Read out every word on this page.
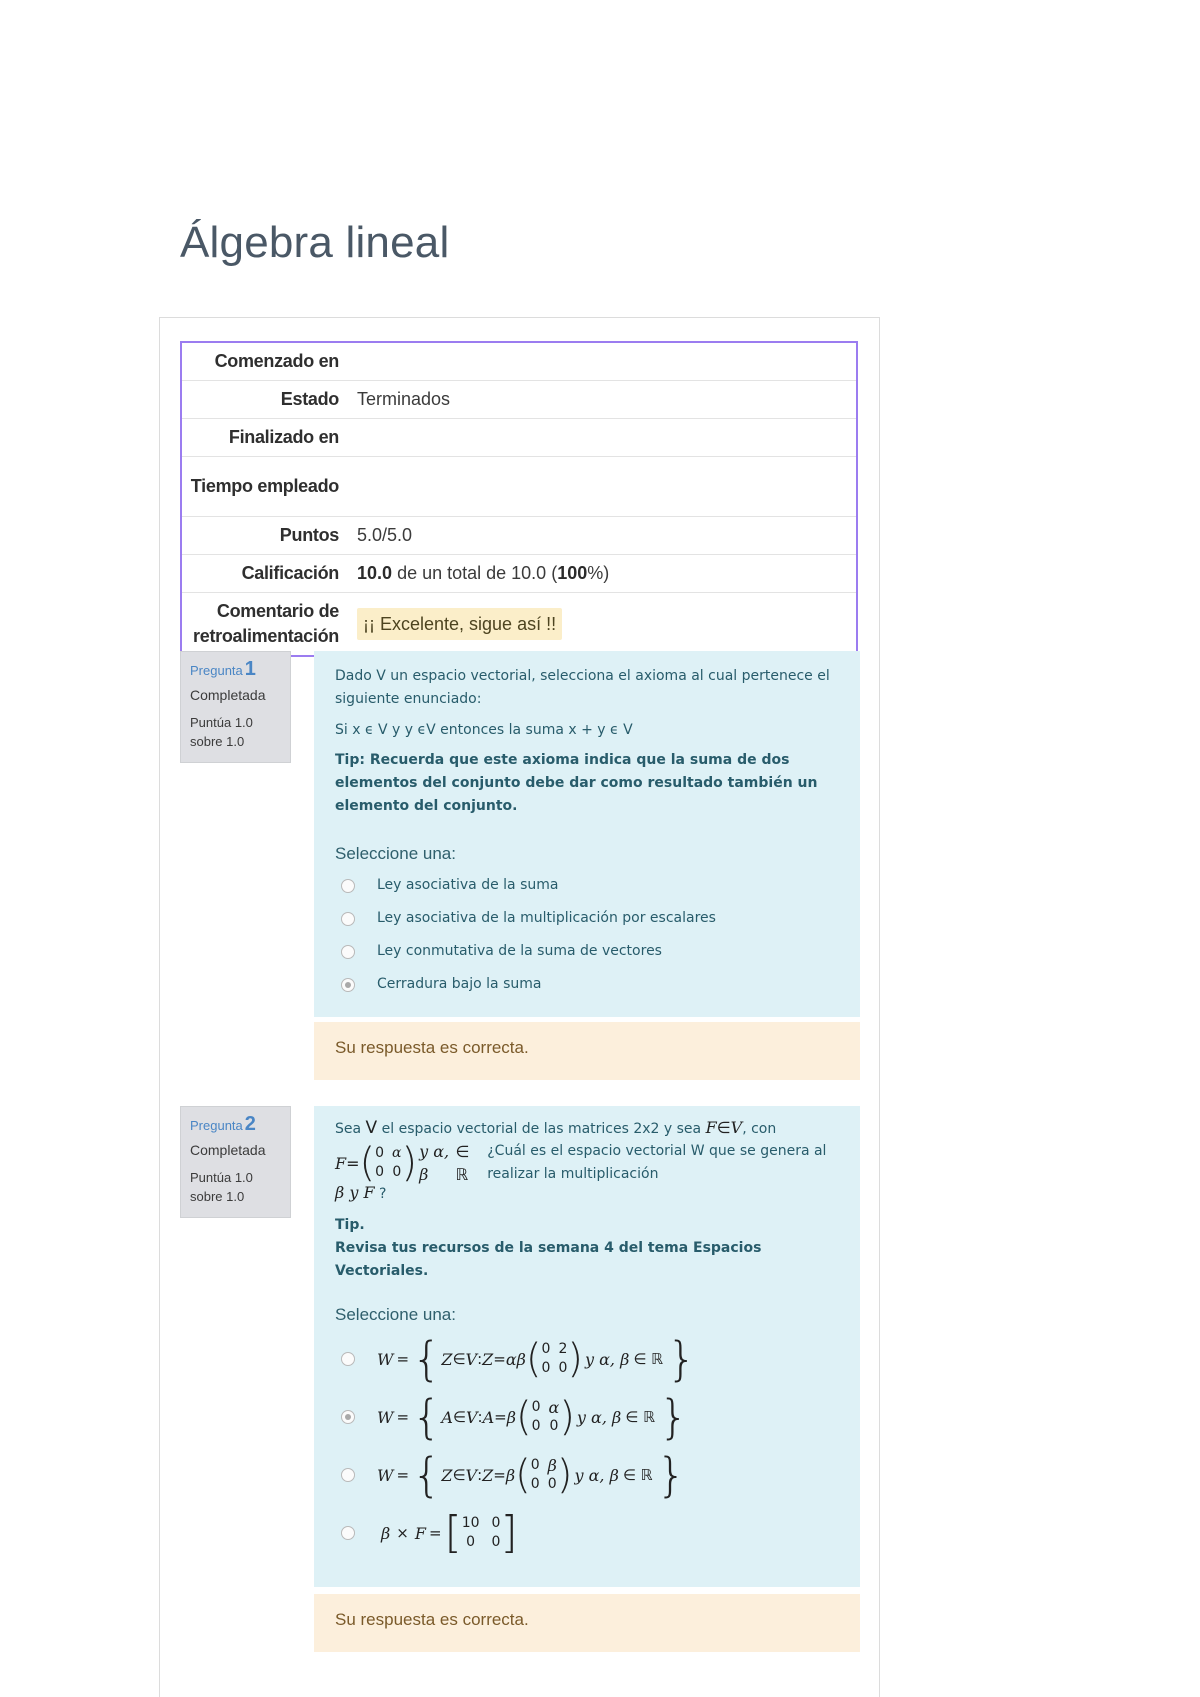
Álgebra lineal
Comenzado en	
Estado	Terminados
Finalizado en	
Tiempo empleado	
Puntos	5.0/5.0
Calificación	10.0 de un total de 10.0 (100%)
Comentario de retroalimentación	¡¡ Excelente, sigue así !!
Pregunta 1
Completada
Puntúa 1.0 sobre 1.0

Dado V un espacio vectorial, selecciona el axioma al cual pertenece el siguiente enunciado:

Si x ϵ V y y ϵV entonces la suma x + y ϵ V

Tip: Recuerda que este axioma indica que la suma de dos elementos del conjunto debe dar como resultado también un elemento del conjunto.

Seleccione una:
Ley asociativa de la suma
Ley asociativa de la multiplicación por escalares
Ley conmutativa de la suma de vectores
Cerradura bajo la suma
Su respuesta es correcta.
Pregunta 2
Completada
Puntúa 1.0 sobre 1.0

Sea V el espacio vectorial de las matrices 2x2 y sea F∈V, con

F = ( 0 α
0 0 ) y α, β
∈ ℝ
¿Cuál es el espacio vectorial W que se genera al realizar la multiplicación

β y F ?

Tip.

Revisa tus recursos de la semana 4 del tema Espacios Vectoriales.

Seleccione una:
W = { Z ∈ V : Z = αβ ( 0 2
0 0 ) y α, β ∈ ℝ }
W = { A ∈ V : A = β ( 0 α
0 0 ) y α, β ∈ ℝ }
W = { Z ∈ V : Z = β ( 0 β
0 0 ) y α, β ∈ ℝ }
β × F = [ 10 0
0	0 ]
Su respuesta es correcta.
